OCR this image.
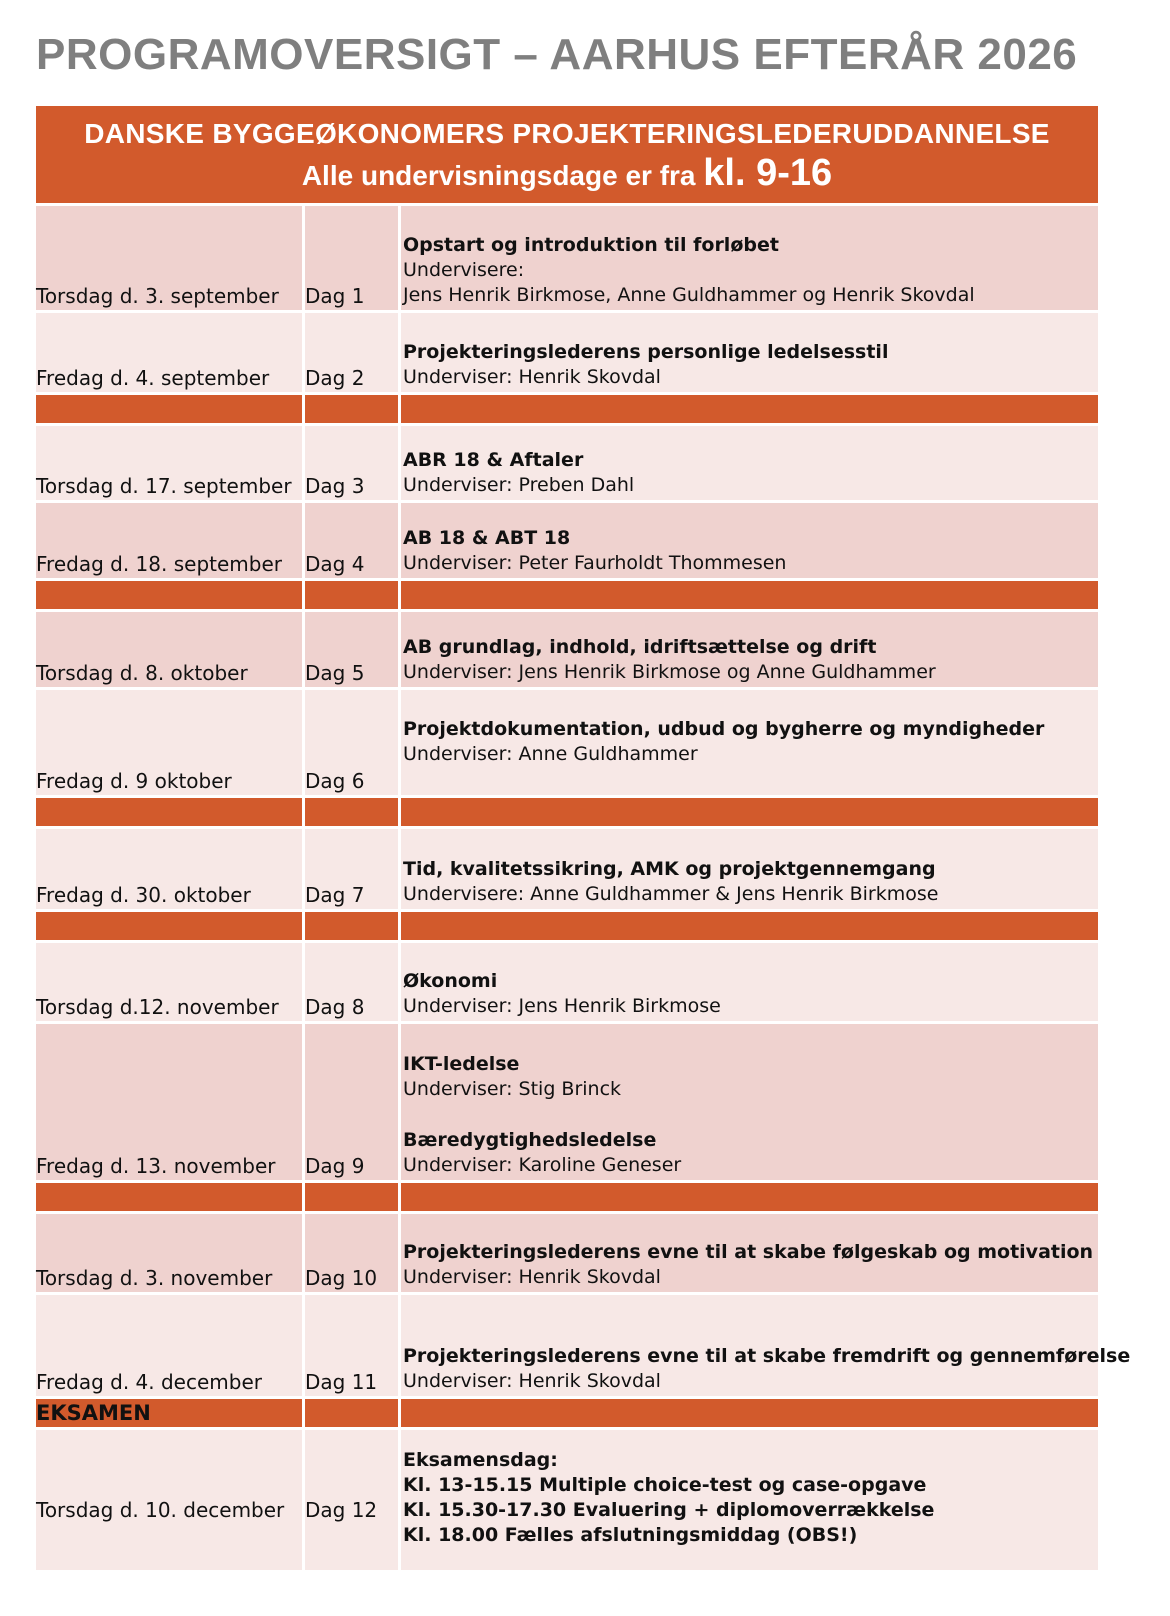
PROGRAMOVERSIGT – AARHUS EFTERÅR 2026
DANSKE BYGGEØKONOMERS PROJEKTERINGSLEDERUDDANNELSE
Alle undervisningsdage er fra kl. 9-16
Torsdag d. 3. september Dag 1
Opstart og introduktion til forløbet
Undervisere:
Jens Henrik Birkmose, Anne Guldhammer og Henrik Skovdal
Fredag d. 4. september Dag 2
Projekteringslederens personlige ledelsesstil
Underviser: Henrik Skovdal
Torsdag d. 17. september Dag 3
ABR 18 & Aftaler
Underviser: Preben Dahl
Fredag d. 18. september Dag 4
AB 18 & ABT 18
Underviser: Peter Faurholdt Thommesen
Torsdag d. 8. oktober	Dag 5
AB grundlag, indhold, idriftsættelse og drift
Underviser: Jens Henrik Birkmose og Anne Guldhammer
Fredag d. 9 oktober	Dag 6
Projektdokumentation, udbud og bygherre og myndigheder
Underviser: Anne Guldhammer
Fredag d. 30. oktober	Dag 7
Tid, kvalitetssikring, AMK og projektgennemgang
Undervisere: Anne Guldhammer & Jens Henrik Birkmose
Torsdag d.12. november Dag 8
Økonomi
Underviser: Jens Henrik Birkmose
Fredag d. 13. november Dag 9
IKT-ledelse
Underviser: Stig Brinck
Bæredygtighedsledelse
Underviser: Karoline Geneser
Torsdag d. 3. november Dag 10
Projekteringslederens evne til at skabe følgeskab og motivation
Underviser: Henrik Skovdal
Fredag d. 4. december Dag 11
Projekteringslederens evne til at skabe fremdrift og gennemførelse
Underviser: Henrik Skovdal
EKSAMEN
Torsdag d. 10. december Dag 12
Eksamensdag:
Kl. 13-15.15 Multiple choice-test og case-opgave
Kl. 15.30-17.30 Evaluering + diplomoverrækkelse
Kl. 18.00 Fælles afslutningsmiddag (OBS!)
